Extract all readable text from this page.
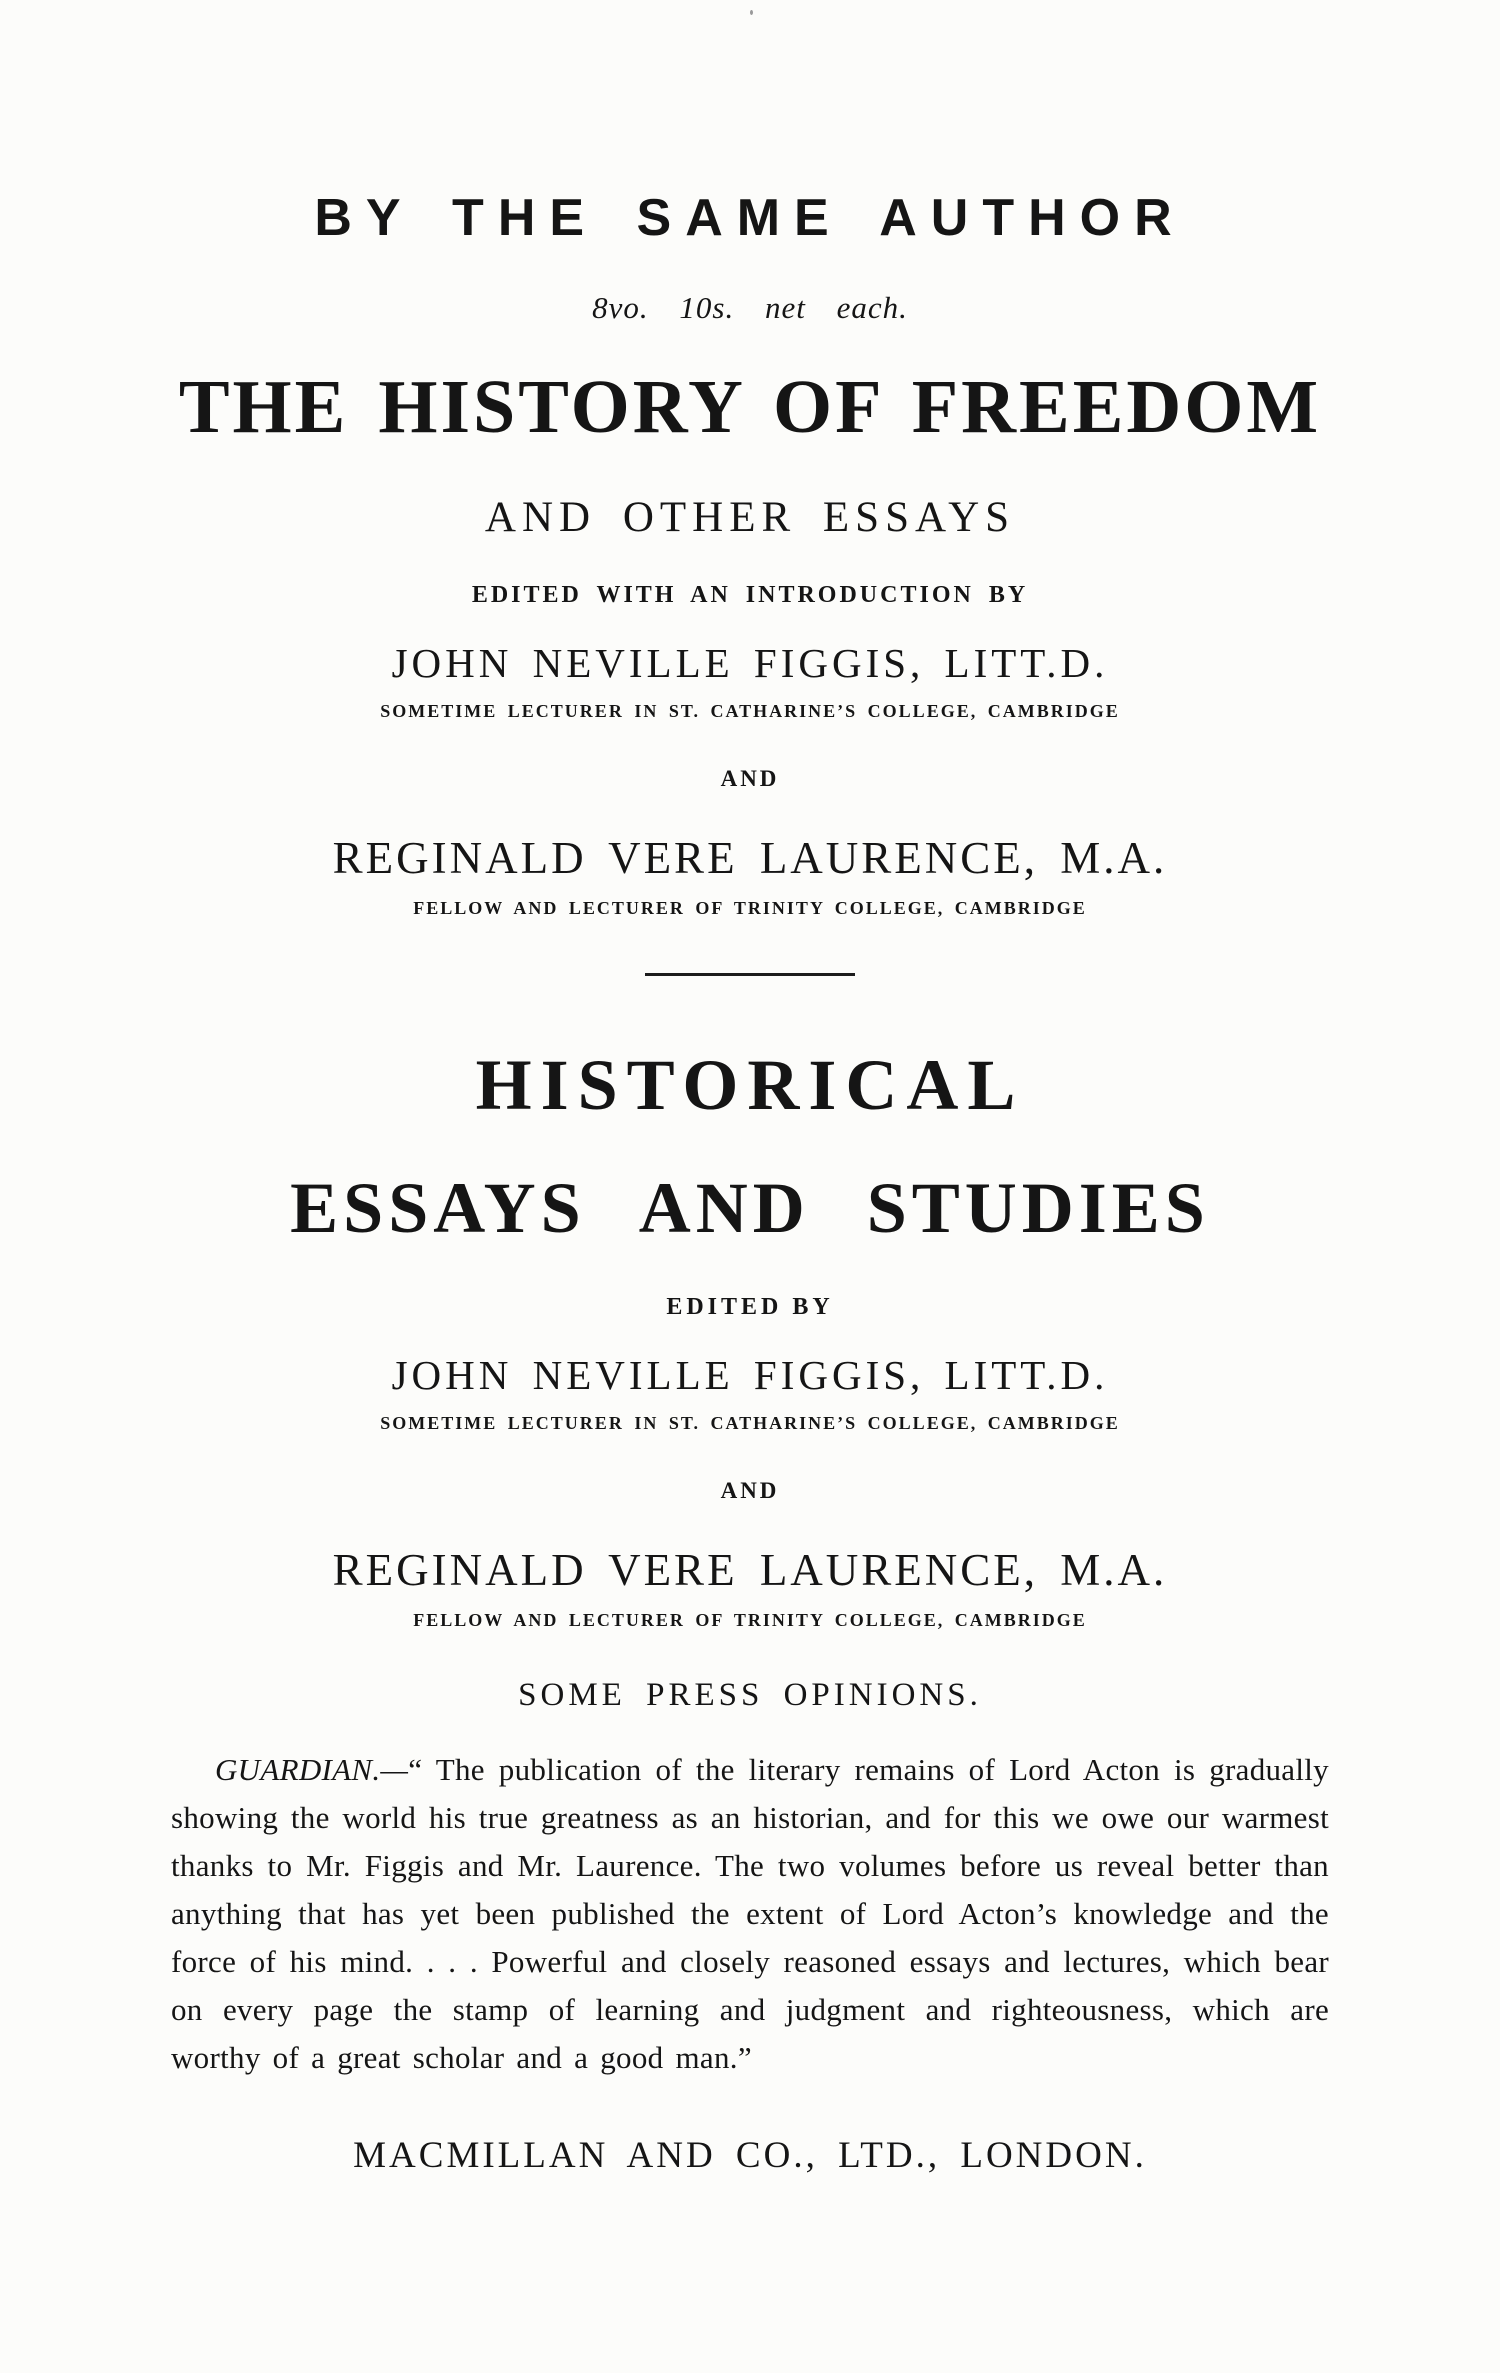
BY THE SAME AUTHOR
8vo. 10s. net each.
THE HISTORY OF FREEDOM
AND OTHER ESSAYS
EDITED WITH AN INTRODUCTION BY
JOHN NEVILLE FIGGIS, LITT.D.
SOMETIME LECTURER IN ST. CATHARINE’S COLLEGE, CAMBRIDGE
AND
REGINALD VERE LAURENCE, M.A.
FELLOW AND LECTURER OF TRINITY COLLEGE, CAMBRIDGE
HISTORICAL
ESSAYS AND STUDIES
EDITED BY
JOHN NEVILLE FIGGIS, LITT.D.
SOMETIME LECTURER IN ST. CATHARINE’S COLLEGE, CAMBRIDGE
AND
REGINALD VERE LAURENCE, M.A.
FELLOW AND LECTURER OF TRINITY COLLEGE, CAMBRIDGE
SOME PRESS OPINIONS.

GUARDIAN.—“ The publication of the literary remains of Lord Acton is gradually showing the world his true greatness as an historian, and for this we owe our warmest thanks to Mr. Figgis and Mr. Laurence. The two volumes before us reveal better than anything that has yet been published the extent of Lord Acton’s knowledge and the force of his mind. . . . Powerful and closely reasoned essays and lectures, which bear on every page the stamp of learning and judgment and righteousness, which are worthy of a great scholar and a good man.”

MACMILLAN AND CO., LTD., LONDON.
